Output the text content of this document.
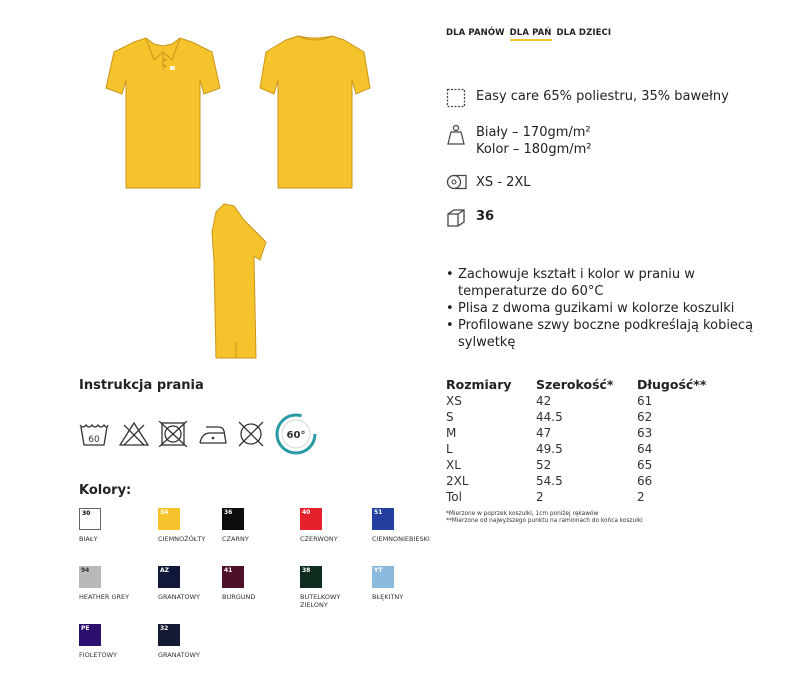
DLA PANÓW DLA PAŃ DLA DZIECI
Easy care 65% poliestru, 35% bawełny
Biały – 170gm/m²
Kolor – 180gm/m²
XS - 2XL
36
• Zachowuje kształt i kolor w praniu w temperaturze do 60°C
• Plisa z dwoma guzikami w kolorze koszulki
• Profilowane szwy boczne podkreślają kobiecą sylwetkę
Instrukcja prania
60	60°
Kolory:
30
BIAŁY
34
CIEMNOŻÓŁTY
36
CZARNY
40
CZERWONY
51
CIEMNONIEBIESKI
94
HEATHER GREY
AZ
GRANATOWY
41
BURGUND
38
BUTELKOWY ZIELONY
YT
BŁĘKITNY
PE
FIOLETOWY
32
GRANATOWY
Rozmiary	Szerokość*	Długość**
XS	42	61
S	44.5	62
M	47	63
L	49.5	64
XL	52	65
2XL	54.5	66
Tol	2	2
*Mierzone w poprzek koszulki, 1cm poniżej rękawów
**Mierzone od najwyższego punktu na ramionach do końca koszulki
